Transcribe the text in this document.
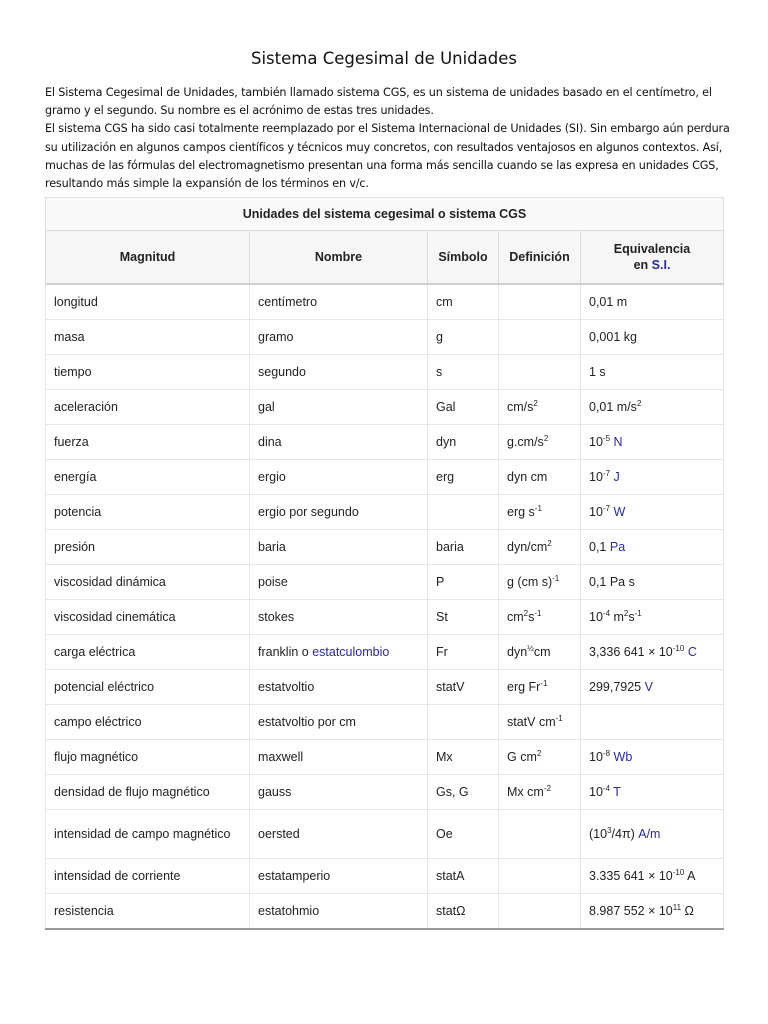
Sistema Cegesimal de Unidades

El Sistema Cegesimal de Unidades, también llamado sistema CGS, es un sistema de unidades basado en el centímetro, el gramo y el segundo. Su nombre es el acrónimo de estas tres unidades.

El sistema CGS ha sido casi totalmente reemplazado por el Sistema Internacional de Unidades (SI). Sin embargo aún perdura su utilización en algunos campos científicos y técnicos muy concretos, con resultados ventajosos en algunos contextos. Así, muchas de las fórmulas del electromagnetismo presentan una forma más sencilla cuando se las expresa en unidades CGS, resultando más simple la expansión de los términos en v/c.

Unidades del sistema cegesimal o sistema CGS
Magnitud	Nombre	Símbolo	Definición	Equivalencia
en S.I.
longitud	centímetro	cm		0,01 m
masa	gramo	g		0,001 kg
tiempo	segundo	s		1 s
aceleración	gal	Gal	$cm/s^2$	0,01 $m/s^2$
fuerza	dina	dyn	$g.cm/s^2$	$10^{-5}$ N
energía	ergio	erg	dyn cm	$10^{-7}$ J
potencia	ergio por segundo		erg $s^{-1}$	$10^{-7}$ W
presión	baria	baria	dyn/$cm^2$	0,1 Pa
viscosidad dinámica	poise	P	g (cm s)$^{-1}$	0,1 Pa s
viscosidad cinemática	stokes	St	$cm^2s^{-1}$	$10^{-4}$ $m^2s^{-1}$
carga eléctrica	franklin o estatculombio	Fr	dyn$^{\frac{1}{2}}$cm	3,336 $641 \times 10^{-10}$ C
potencial eléctrico	estatvoltio	statV	erg $Fr^{-1}$	299,7925 V
campo eléctrico	estatvoltio por cm		statV $cm^{-1}$	
flujo magnético	maxwell	Mx	G $cm^2$	$10^{-8}$ Wb
densidad de flujo magnético	gauss	Gs, G	Mx $cm^{-2}$	$10^{-4}$ T
intensidad de campo magnético	oersted	Oe		$(10^3/4\pi)$ A/m
intensidad de corriente	estatamperio	statA		3.335 $641 \times 10^{-10}$ A
resistencia	estatohmio	statΩ		8.987 $552 \times 10^{11}$ Ω
